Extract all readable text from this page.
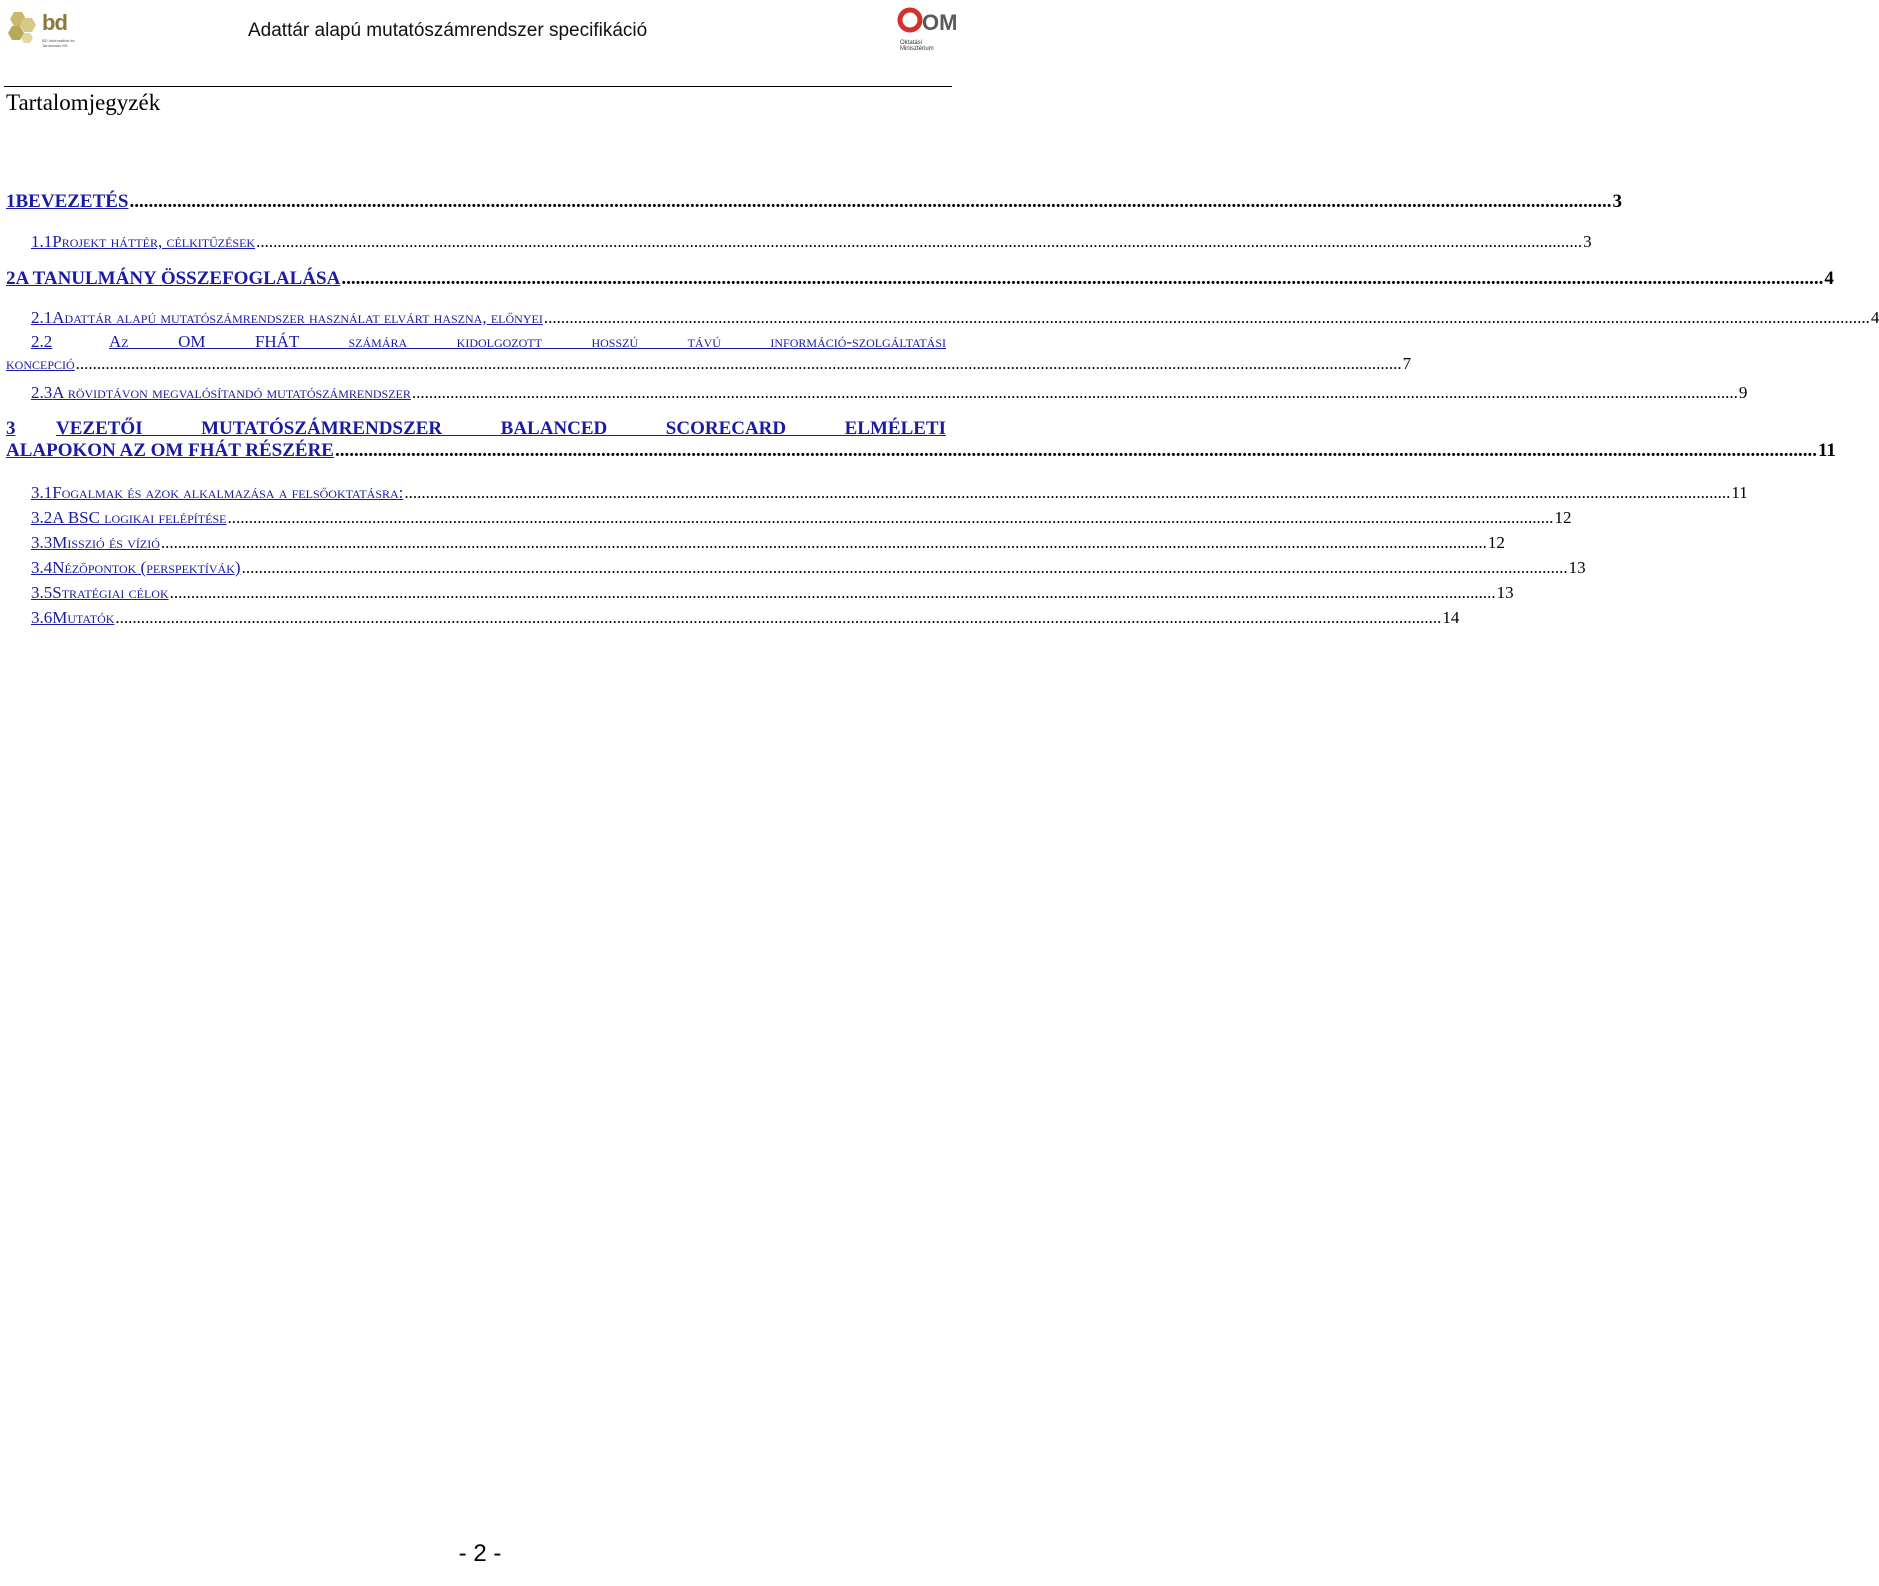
bd
BD Informatikai és Tanácsadó Kft.
Adattár alapú mutatószámrendszer specifikáció	OM
Oktatási Minisztérium
Tartalomjegyzék
1 BEVEZETÉS .....	3
1.1 Projekt háttér, célkitűzések .....	3
2 A TANULMÁNY ÖSSZEFOGLALÁSA .....	4
2.1 Adattár alapú mutatószámrendszer használat elvárt haszna, előnyei .....	4
2.2	Az OM FHÁT számára kidolgozott hosszú távú információ-szolgáltatási
koncepció .....	7
2.3 A rövidtávon megvalósítandó mutatószámrendszer .....	9
3	VEZETŐI MUTATÓSZÁMRENDSZER BALANCED SCORECARD ELMÉLETI
ALAPOKON AZ OM FHÁT RÉSZÉRE .....	11
3.1 Fogalmak és azok alkalmazása a felsőoktatásra: .....	11
3.2 A BSC logikai felépítése .....	12
3.3 Misszió és vízió .....	12
3.4 Nézőpontok (perspektívák) .....	13
3.5 Stratégiai célok .....	13
3.6 Mutatók .....	14
- 2 -
